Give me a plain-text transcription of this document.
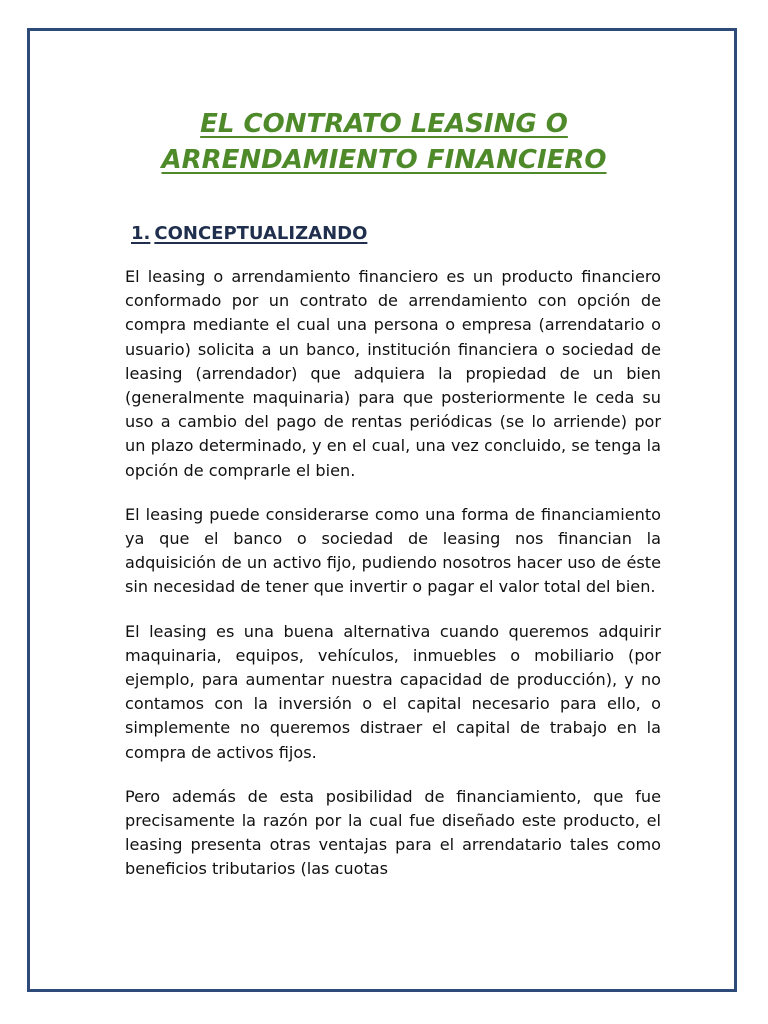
EL CONTRATO LEASING O
ARRENDAMIENTO FINANCIERO
1. CONCEPTUALIZANDO

El leasing o arrendamiento financiero es un producto financiero conformado por un contrato de arrendamiento con opción de compra mediante el cual una persona o empresa (arrendatario o usuario) solicita a un banco, institución financiera o sociedad de leasing (arrendador) que adquiera la propiedad de un bien (generalmente maquinaria) para que posteriormente le ceda su uso a cambio del pago de rentas periódicas (se lo arriende) por un plazo determinado, y en el cual, una vez concluido, se tenga la opción de comprarle el bien.

El leasing puede considerarse como una forma de financiamiento ya que el banco o sociedad de leasing nos financian la adquisición de un activo fijo, pudiendo nosotros hacer uso de éste sin necesidad de tener que invertir o pagar el valor total del bien.

El leasing es una buena alternativa cuando queremos adquirir maquinaria, equipos, vehículos, inmuebles o mobiliario (por ejemplo, para aumentar nuestra capacidad de producción), y no contamos con la inversión o el capital necesario para ello, o simplemente no queremos distraer el capital de trabajo en la compra de activos fijos.

Pero además de esta posibilidad de financiamiento, que fue precisamente la razón por la cual fue diseñado este producto, el leasing presenta otras ventajas para el arrendatario tales como beneficios tributarios (las cuotas
